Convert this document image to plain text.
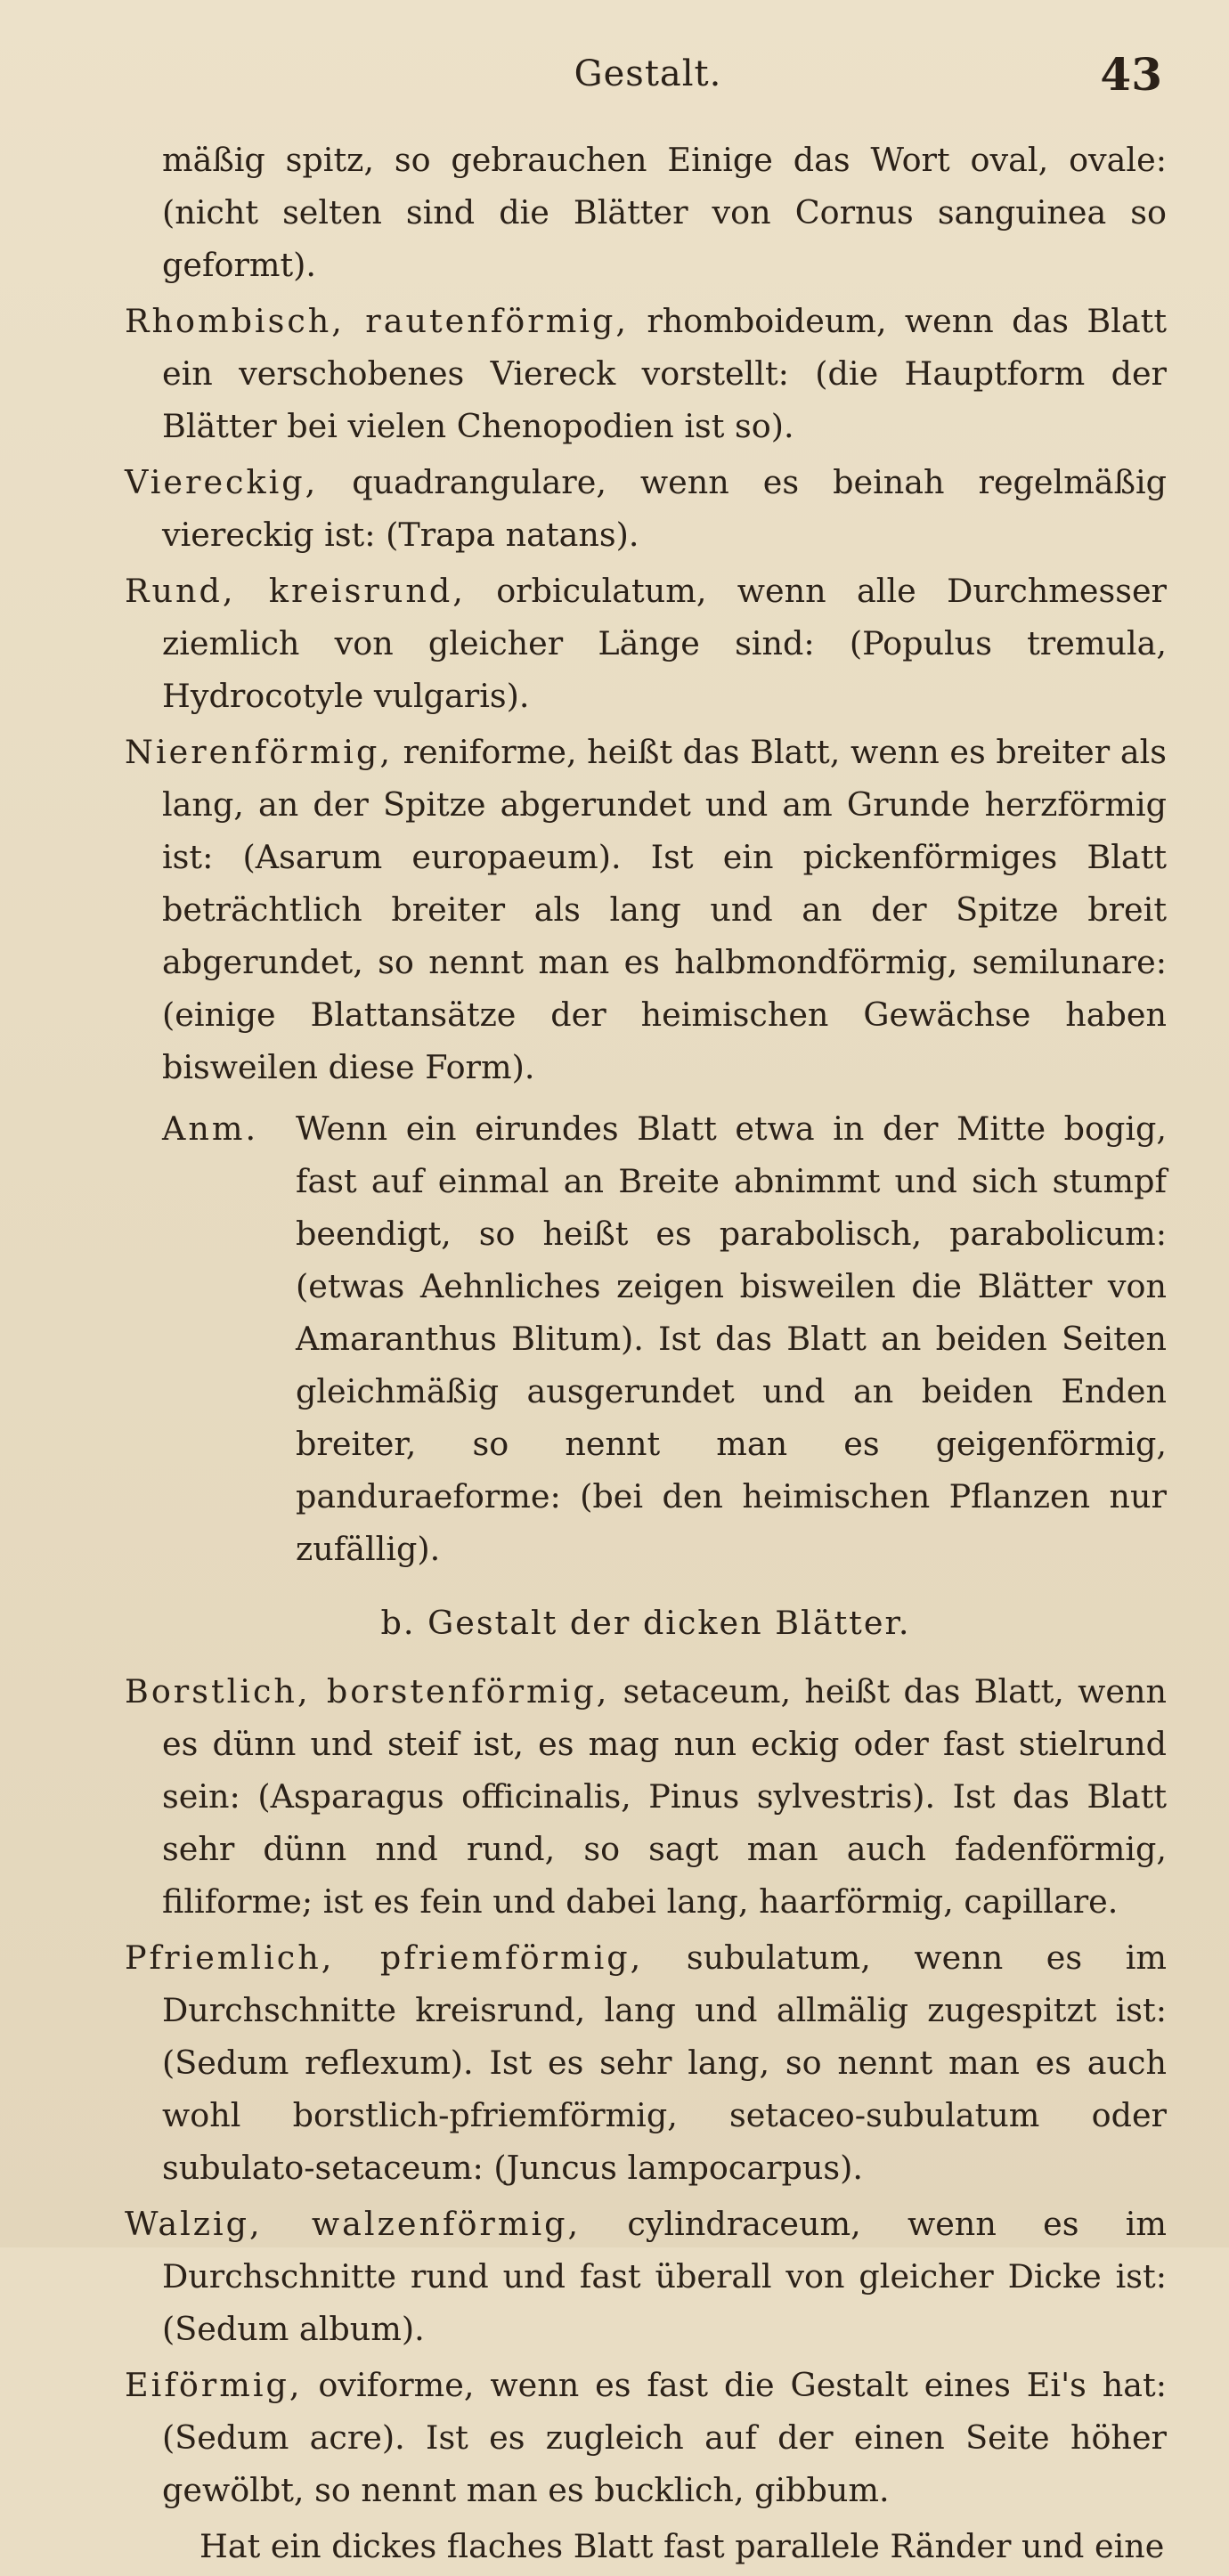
Gestalt.	43

mäßig spitz, so gebrauchen Einige das Wort oval, ovale: (nicht selten sind die Blätter von Cornus sanguinea so geformt).

Rhombisch, rautenförmig, rhomboideum, wenn das Blatt ein verschobenes Viereck vorstellt: (die Hauptform der Blätter bei vielen Chenopodien ist so).

Viereckig, quadrangulare, wenn es beinah regelmäßig viereckig ist: (Trapa natans).

Rund, kreisrund, orbiculatum, wenn alle Durchmesser ziemlich von gleicher Länge sind: (Populus tremula, Hydrocotyle vulgaris).

Nierenförmig, reniforme, heißt das Blatt, wenn es breiter als lang, an der Spitze abgerundet und am Grunde herzförmig ist: (Asarum europaeum). Ist ein pickenförmiges Blatt beträchtlich breiter als lang und an der Spitze breit abgerundet, so nennt man es halbmondförmig, semilunare: (einige Blattansätze der heimischen Gewächse haben bisweilen diese Form).

Anm.	Wenn ein eirundes Blatt etwa in der Mitte bogig, fast auf einmal an Breite abnimmt und sich stumpf beendigt, so heißt es parabolisch, parabolicum: (etwas Aehnliches zeigen bisweilen die Blätter von Amaranthus Blitum). Ist das Blatt an beiden Seiten gleichmäßig ausgerundet und an beiden Enden breiter, so nennt man es geigenförmig, panduraeforme: (bei den heimischen Pflanzen nur zufällig).
b. Gestalt der dicken Blätter.

Borstlich, borstenförmig, setaceum, heißt das Blatt, wenn es dünn und steif ist, es mag nun eckig oder fast stielrund sein: (Asparagus officinalis, Pinus sylvestris). Ist das Blatt sehr dünn nnd rund, so sagt man auch fadenförmig, filiforme; ist es fein und dabei lang, haarförmig, capillare.

Pfriemlich, pfriemförmig, subulatum, wenn es im Durchschnitte kreisrund, lang und allmälig zugespitzt ist: (Sedum reflexum). Ist es sehr lang, so nennt man es auch wohl borstlich-pfriemförmig, setaceo-subulatum oder subulato-setaceum: (Juncus lampocarpus).

Walzig, walzenförmig, cylindraceum, wenn es im Durchschnitte rund und fast überall von gleicher Dicke ist: (Sedum album).

Eiförmig, oviforme, wenn es fast die Gestalt eines Ei's hat: (Sedum acre). Ist es zugleich auf der einen Seite höher gewölbt, so nennt man es bucklich, gibbum.

Hat ein dickes flaches Blatt fast parallele Ränder und eine
